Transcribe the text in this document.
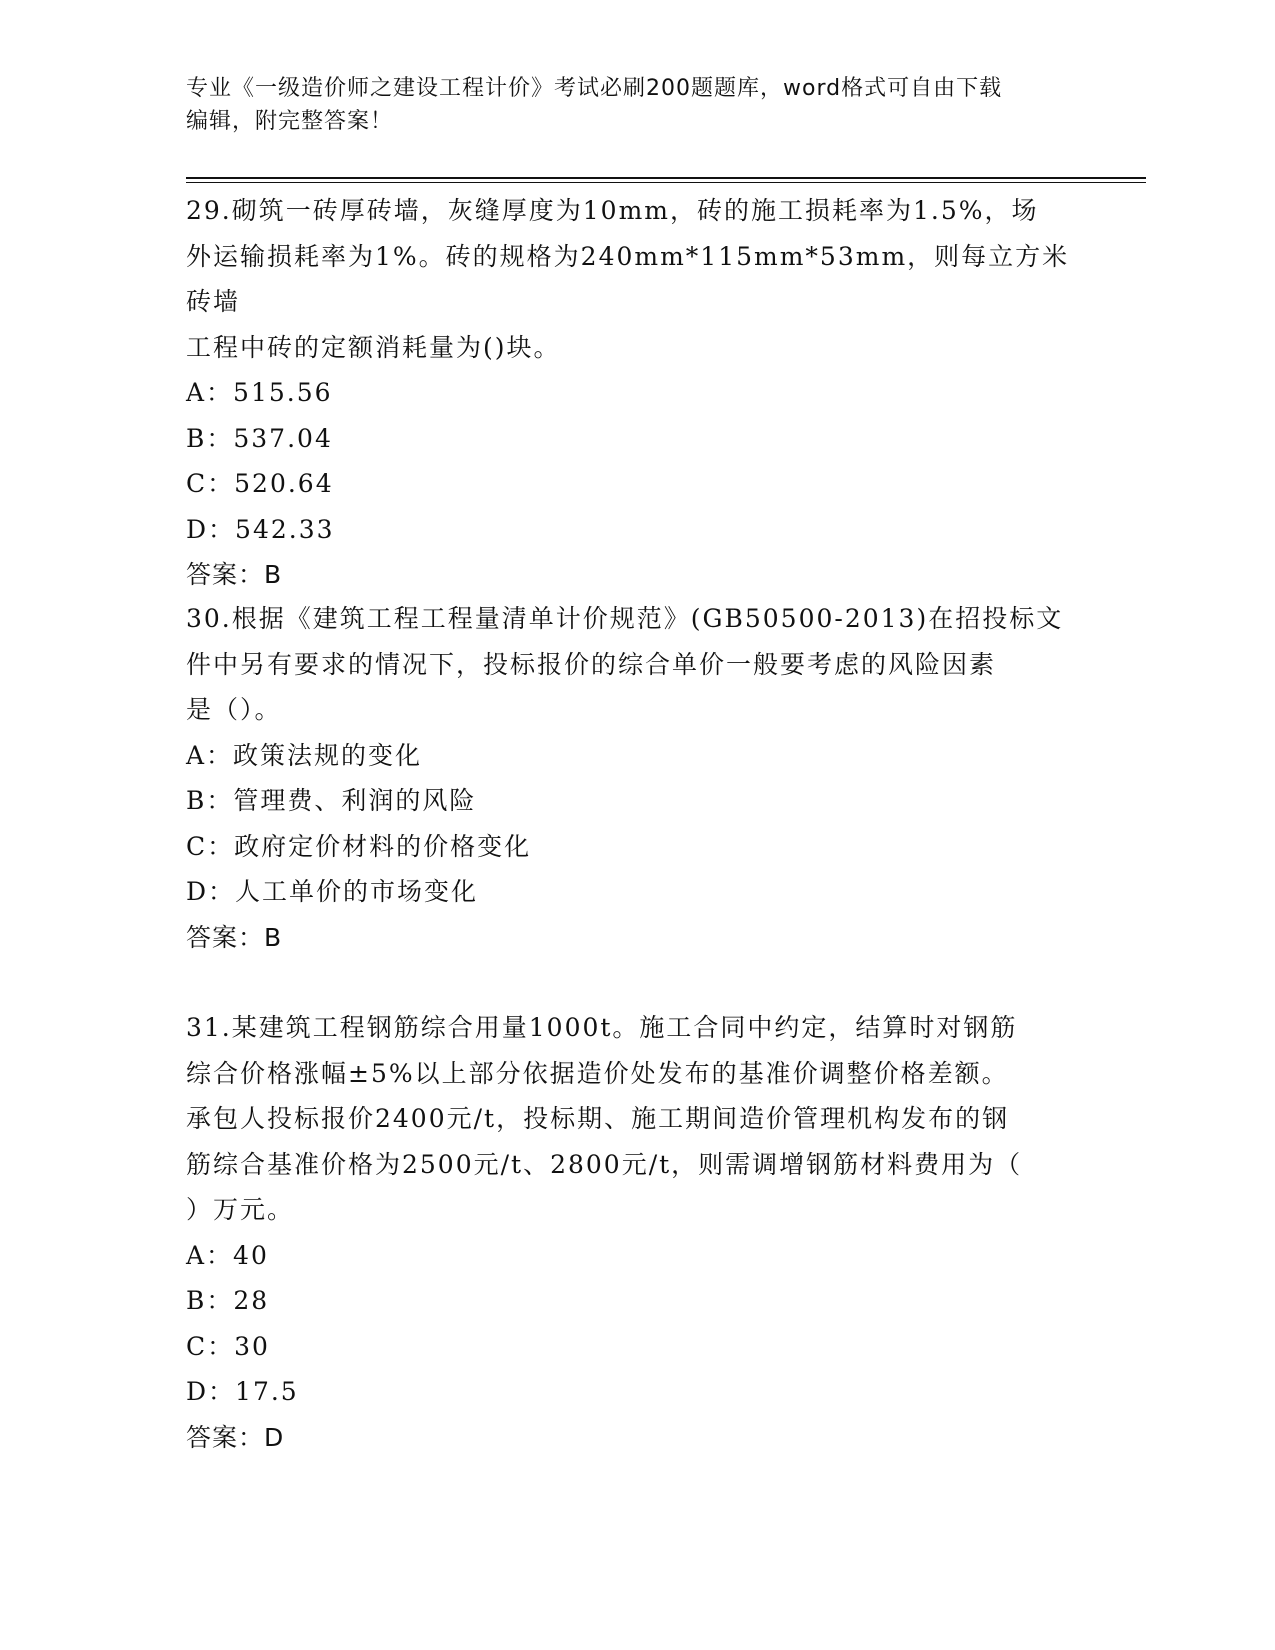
专业《一级造价师之建设工程计价》考试必刷200题题库，word格式可自由下载
编辑，附完整答案！

29.砌筑一砖厚砖墙，灰缝厚度为10mm，砖的施工损耗率为1.5%，场

外运输损耗率为1%。砖的规格为240mm*115mm*53mm，则每立方米砖墙

工程中砖的定额消耗量为()块。

A：515.56

B：537.04

C：520.64

D：542.33

答案：B

30.根据《建筑工程工程量清单计价规范》(GB50500-2013)在招投标文

件中另有要求的情况下，投标报价的综合单价一般要考虑的风险因素

是（）。

A：政策法规的变化

B：管理费、利润的风险

C：政府定价材料的价格变化

D：人工单价的市场变化

答案：B

31.某建筑工程钢筋综合用量1000t。施工合同中约定，结算时对钢筋

综合价格涨幅±5%以上部分依据造价处发布的基准价调整价格差额。

承包人投标报价2400元/t，投标期、施工期间造价管理机构发布的钢

筋综合基准价格为2500元/t、2800元/t，则需调增钢筋材料费用为（

）万元。

A：40

B：28

C：30

D：17.5

答案：D
